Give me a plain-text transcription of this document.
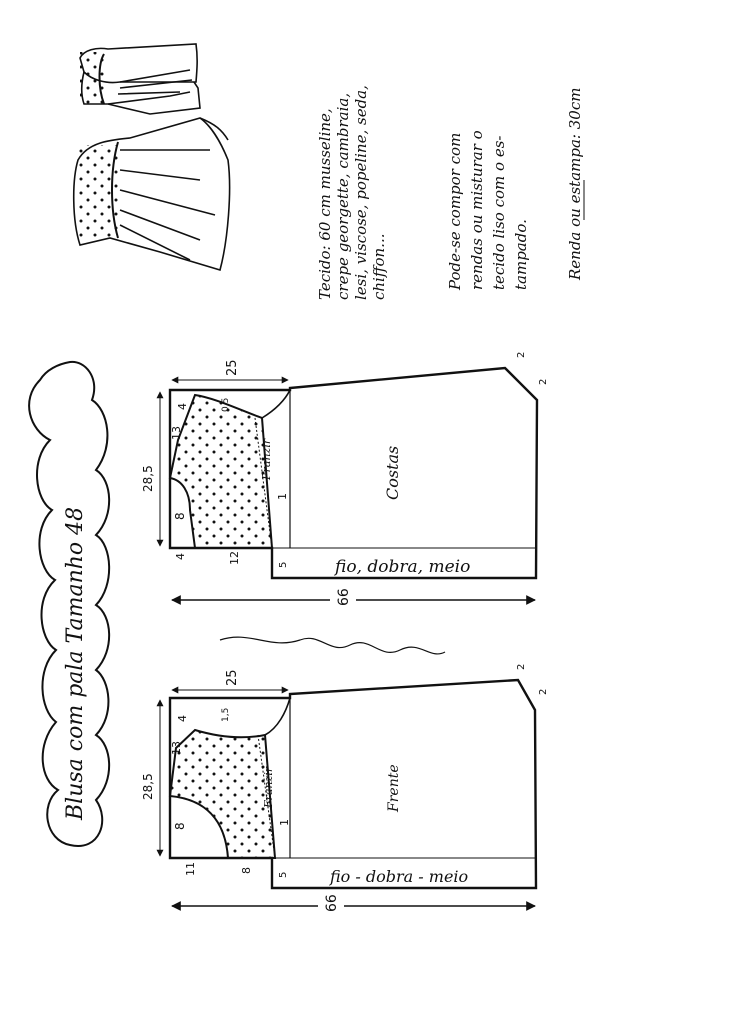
Tecido: 60 cm musseline, crepe georgette, cambraia, lesi, viscose, popeline, seda, chiffon...	Pode-se compor com rendas ou misturar o tecido liso com o es- tampado. Renda ou estampa: 30cm
Blusa com pala Tamanho 48
Costas
fio, dobra, meio
Franzir
1
25
28,5
4
13
8
4	12
0,5
5
2
2
66
Frente
fio - dobra - meio
Franzir
1
25
28,5
4
13
8
11	8
1,5
5
2
2
66
